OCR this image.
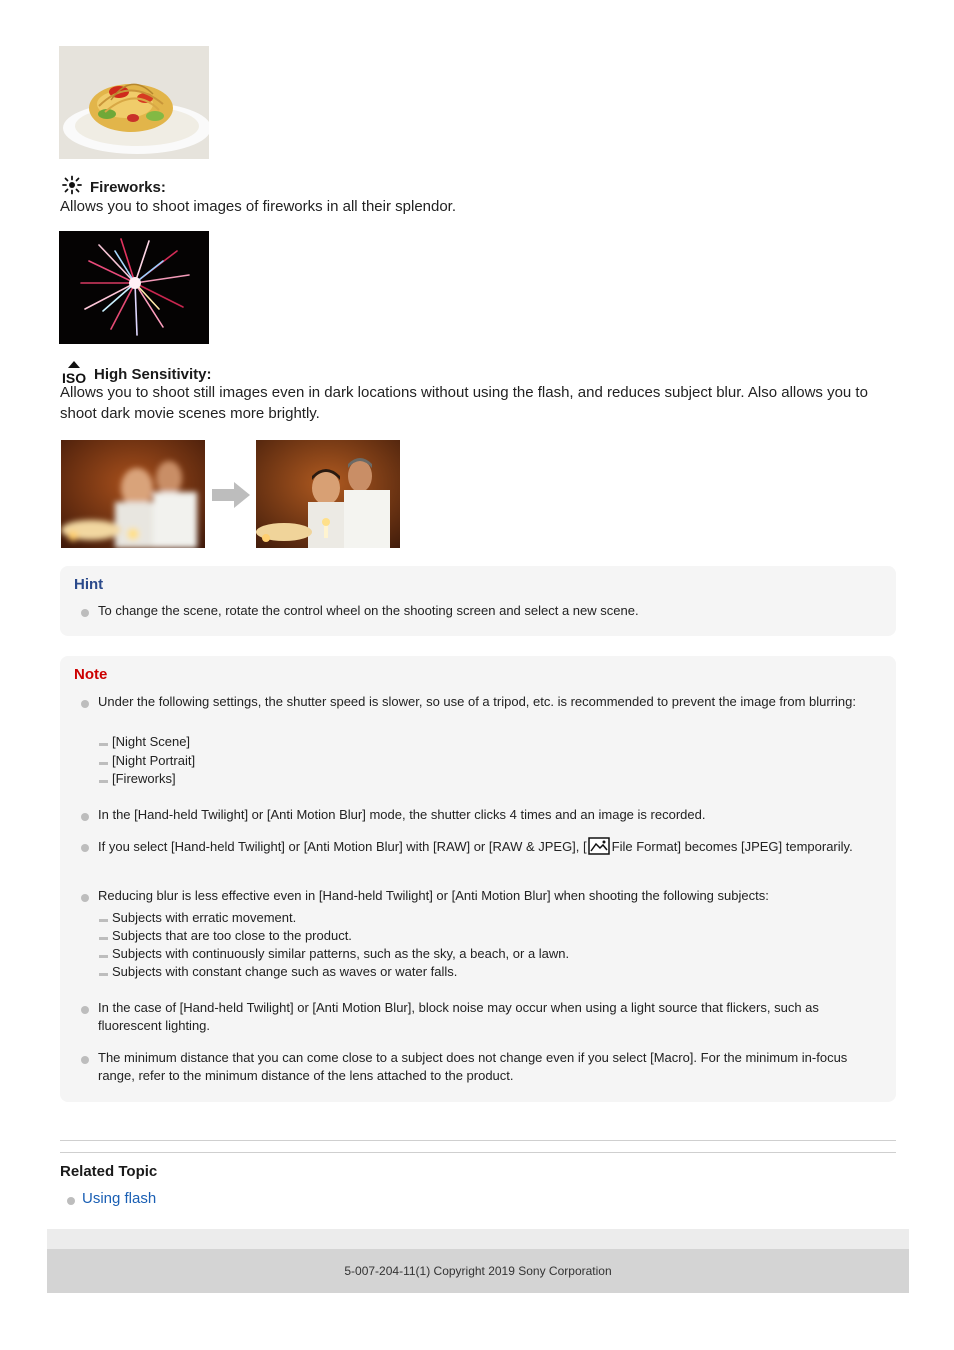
Fireworks:
Allows you to shoot images of fireworks in all their splendor.
ISO High Sensitivity:
Allows you to shoot still images even in dark locations without using the flash, and reduces subject blur. Also allows you to shoot dark movie scenes more brightly.
Hint
To change the scene, rotate the control wheel on the shooting screen and select a new scene.
Note
Under the following settings, the shutter speed is slower, so use of a tripod, etc. is recommended to prevent the image from blurring:
[Night Scene]
[Night Portrait]
[Fireworks]
In the [Hand-held Twilight] or [Anti Motion Blur] mode, the shutter clicks 4 times and an image is recorded.
If you select [Hand-held Twilight] or [Anti Motion Blur] with [RAW] or [RAW & JPEG], [ File Format] becomes [JPEG] temporarily.
Reducing blur is less effective even in [Hand-held Twilight] or [Anti Motion Blur] when shooting the following subjects:
Subjects with erratic movement.
Subjects that are too close to the product.
Subjects with continuously similar patterns, such as the sky, a beach, or a lawn.
Subjects with constant change such as waves or water falls.
In the case of [Hand-held Twilight] or [Anti Motion Blur], block noise may occur when using a light source that flickers, such as fluorescent lighting.
The minimum distance that you can come close to a subject does not change even if you select [Macro]. For the minimum in-focus range, refer to the minimum distance of the lens attached to the product.
Related Topic
Using flash
5-007-204-11(1) Copyright 2019 Sony Corporation
